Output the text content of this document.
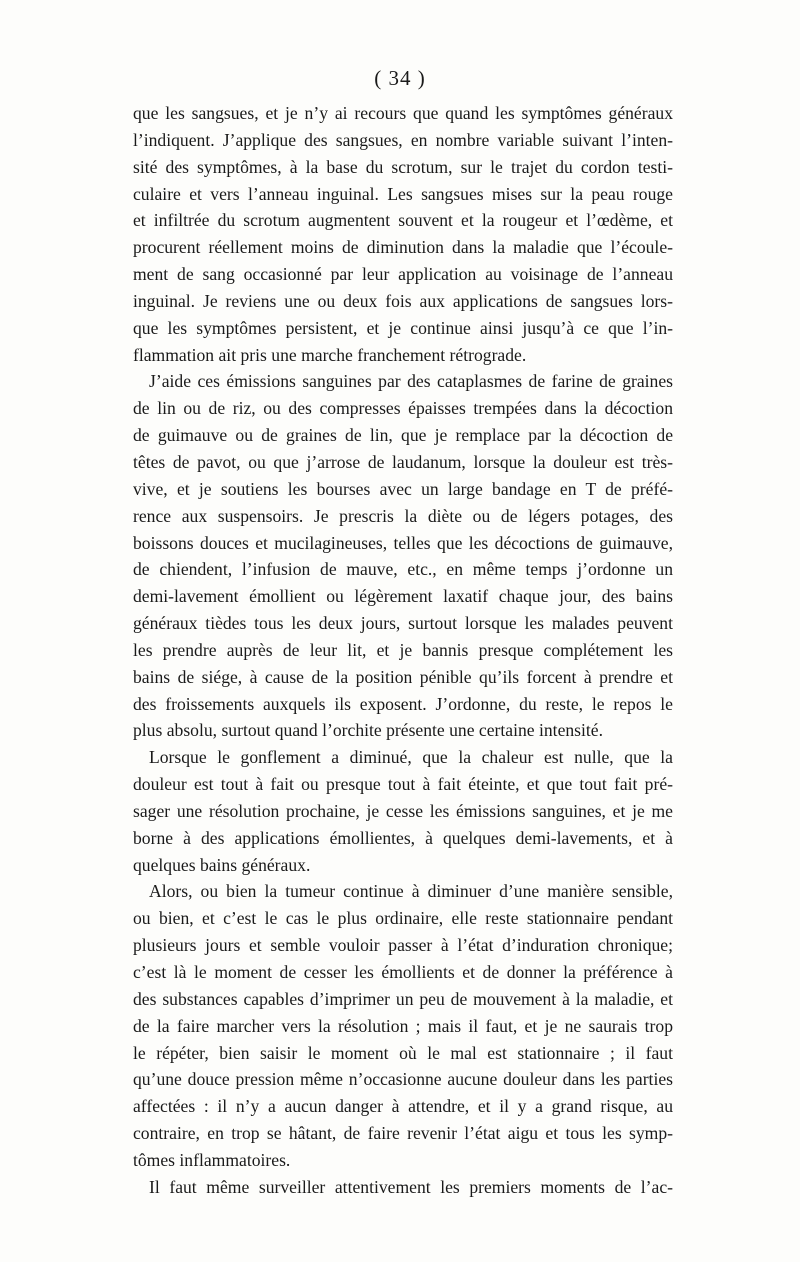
( 34 )
que les sangsues, et je n’y ai recours que quand les symptômes généraux
l’indiquent. J’applique des sangsues, en nombre variable suivant l’inten-
sité des symptômes, à la base du scrotum, sur le trajet du cordon testi-
culaire et vers l’anneau inguinal. Les sangsues mises sur la peau rouge
et infiltrée du scrotum augmentent souvent et la rougeur et l’œdème, et
procurent réellement moins de diminution dans la maladie que l’écoule-
ment de sang occasionné par leur application au voisinage de l’anneau
inguinal. Je reviens une ou deux fois aux applications de sangsues lors-
que les symptômes persistent, et je continue ainsi jusqu’à ce que l’in-
flammation ait pris une marche franchement rétrograde.
J’aide ces émissions sanguines par des cataplasmes de farine de graines
de lin ou de riz, ou des compresses épaisses trempées dans la décoction
de guimauve ou de graines de lin, que je remplace par la décoction de
têtes de pavot, ou que j’arrose de laudanum, lorsque la douleur est très-
vive, et je soutiens les bourses avec un large bandage en T de préfé-
rence aux suspensoirs. Je prescris la diète ou de légers potages, des
boissons douces et mucilagineuses, telles que les décoctions de guimauve,
de chiendent, l’infusion de mauve, etc., en même temps j’ordonne un
demi-lavement émollient ou légèrement laxatif chaque jour, des bains
généraux tièdes tous les deux jours, surtout lorsque les malades peuvent
les prendre auprès de leur lit, et je bannis presque complétement les
bains de siége, à cause de la position pénible qu’ils forcent à prendre et
des froissements auxquels ils exposent. J’ordonne, du reste, le repos le
plus absolu, surtout quand l’orchite présente une certaine intensité.
Lorsque le gonflement a diminué, que la chaleur est nulle, que la
douleur est tout à fait ou presque tout à fait éteinte, et que tout fait pré-
sager une résolution prochaine, je cesse les émissions sanguines, et je me
borne à des applications émollientes, à quelques demi-lavements, et à
quelques bains généraux.
Alors, ou bien la tumeur continue à diminuer d’une manière sensible,
ou bien, et c’est le cas le plus ordinaire, elle reste stationnaire pendant
plusieurs jours et semble vouloir passer à l’état d’induration chronique;
c’est là le moment de cesser les émollients et de donner la préférence à
des substances capables d’imprimer un peu de mouvement à la maladie, et
de la faire marcher vers la résolution ; mais il faut, et je ne saurais trop
le répéter, bien saisir le moment où le mal est stationnaire ; il faut
qu’une douce pression même n’occasionne aucune douleur dans les parties
affectées : il n’y a aucun danger à attendre, et il y a grand risque, au
contraire, en trop se hâtant, de faire revenir l’état aigu et tous les symp-
tômes inflammatoires.
Il faut même surveiller attentivement les premiers moments de l’ac-
